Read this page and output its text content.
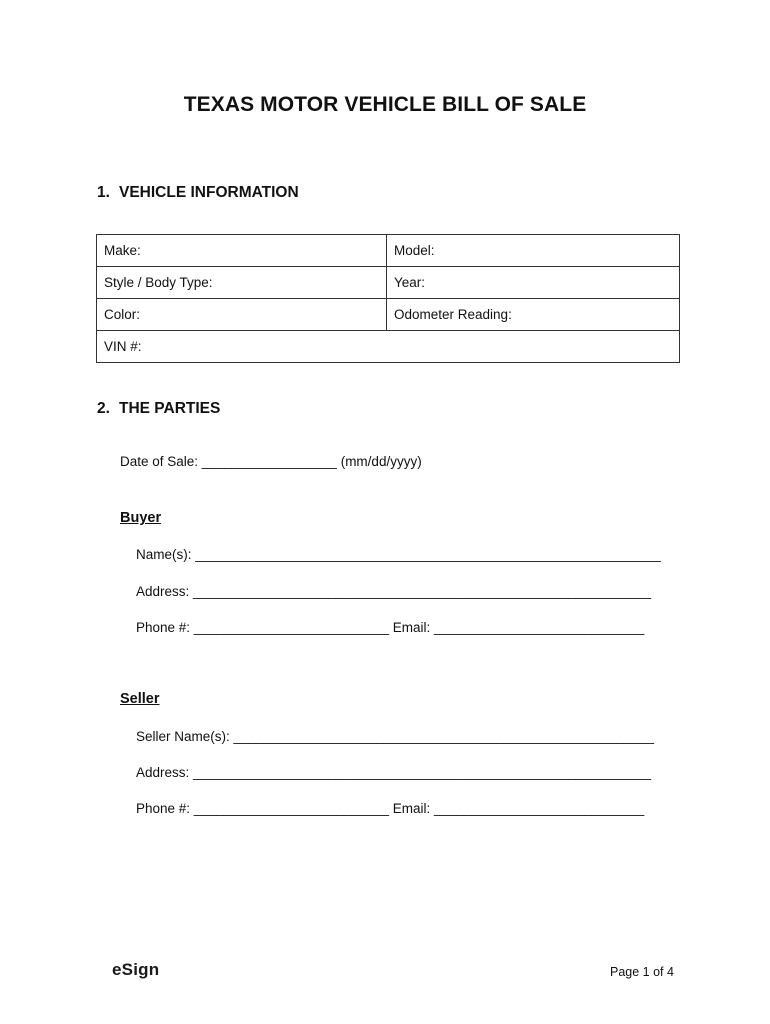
TEXAS MOTOR VEHICLE BILL OF SALE
1. VEHICLE INFORMATION
Make:	Model:
Style / Body Type:	Year:
Color:	Odometer Reading:
VIN #:	
2. THE PARTIES
Date of Sale: __________________ (mm/dd/yyyy)
Buyer
Name(s): ______________________________________________________________
Address: _____________________________________________________________
Phone #: __________________________ Email: ____________________________
Seller
Seller Name(s): ________________________________________________________
Address: _____________________________________________________________
Phone #: __________________________ Email: ____________________________
eSign	Page 1 of 4
